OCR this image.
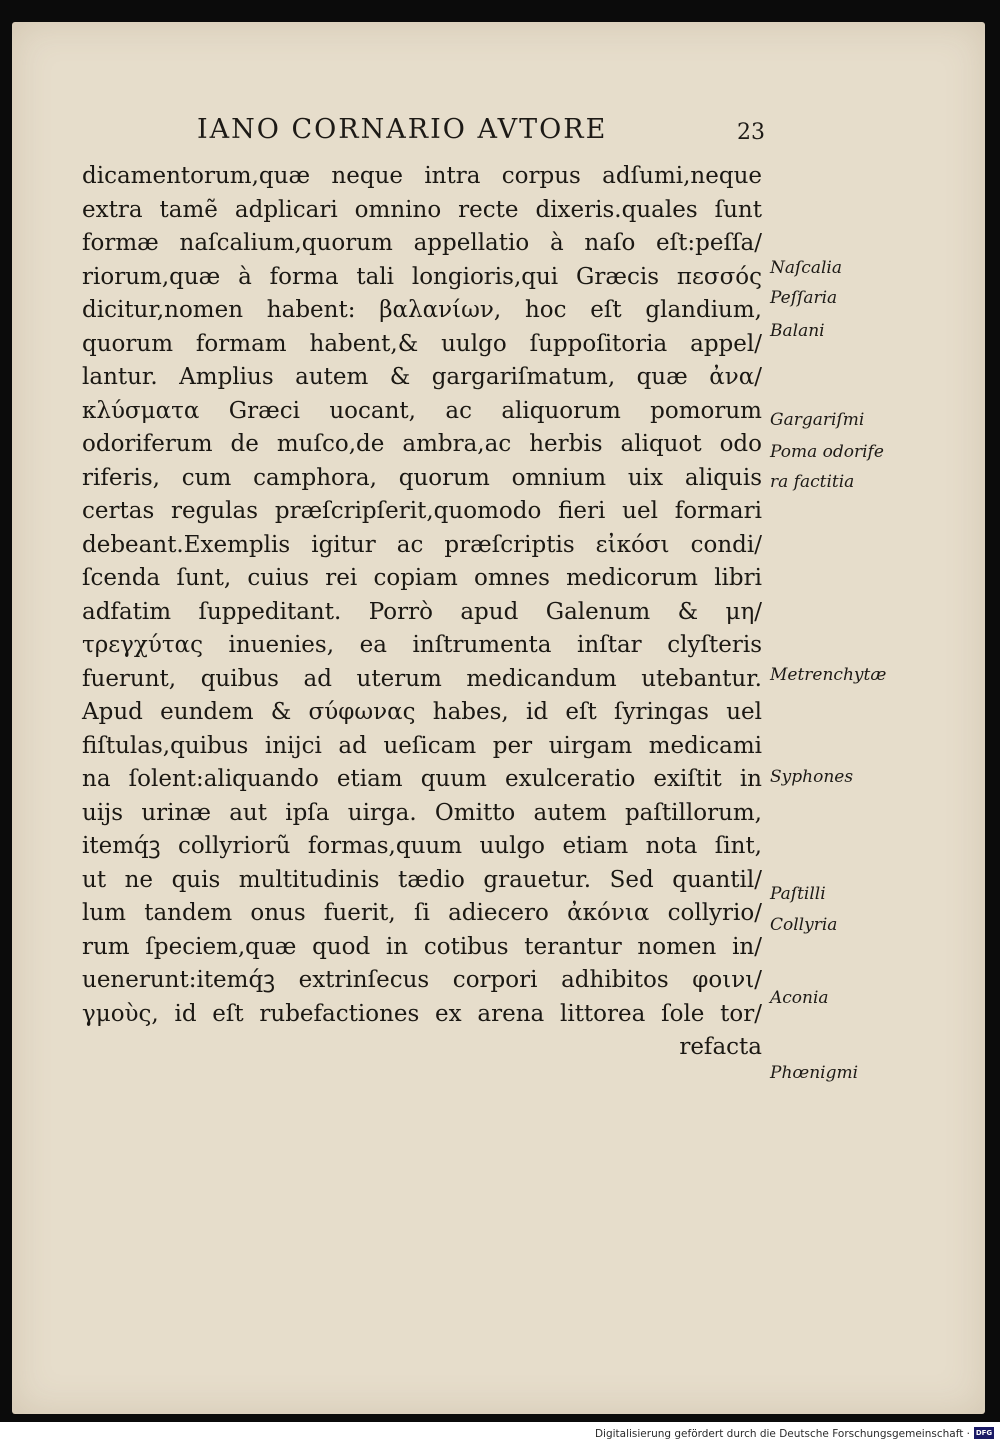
IANO CORNARIO AVTORE	23
dicamentorum,quæ neque intra corpus adſumi,neque
extra tamẽ adplicari omnino recte dixeris.quales ſunt
formæ naſcalium,quorum appellatio à naſo eſt:peſſa/
riorum,quæ à forma tali longioris,qui Græcis πεσσός
dicitur,nomen habent: βαλανίων, hoc eſt glandium,
quorum formam habent,& uulgo ſuppoſitoria appel/
lantur. Amplius autem & gargariſmatum, quæ ἀνα/
κλύσματα Græci uocant, ac aliquorum pomorum
odoriferum de muſco,de ambra,ac herbis aliquot odo
riferis, cum camphora, quorum omnium uix aliquis
certas regulas præſcripſerit,quomodo fieri uel formari
debeant.Exemplis igitur ac præſcriptis εἰκόσι condi/
ſcenda ſunt, cuius rei copiam omnes medicorum libri
adfatim ſuppeditant. Porrò apud Galenum & μη/
τρεγχύτας inuenies, ea inſtrumenta inſtar clyſteris
fuerunt, quibus ad uterum medicandum utebantur.
Apud eundem & σύφωνας habes, id eſt ſyringas uel
fiſtulas,quibus inijci ad ueſicam per uirgam medicami
na ſolent:aliquando etiam quum exulceratio exiſtit in
uijs urinæ aut ipſa uirga. Omitto autem paſtillorum,
itemq́ꝫ collyriorũ formas,quum uulgo etiam nota ſint,
ut ne quis multitudinis tædio grauetur. Sed quantil/
lum tandem onus fuerit, ſi adiecero ἀκόνια collyrio/
rum ſpeciem,quæ quod in cotibus terantur nomen in/
uenerunt:itemq́ꝫ extrinſecus corpori adhibitos φοινι/
γμοὺς, id eſt rubefactiones ex arena littorea ſole tor/
refacta
Naſcalia
Peſſaria
Balani
Gargariſmi
Poma odorife
ra factitia
Metrenchytæ
Syphones
Paſtilli
Collyria
Aconia
Phœnigmi
Digitalisierung gefördert durch die Deutsche Forschungsgemeinschaft · DFG
